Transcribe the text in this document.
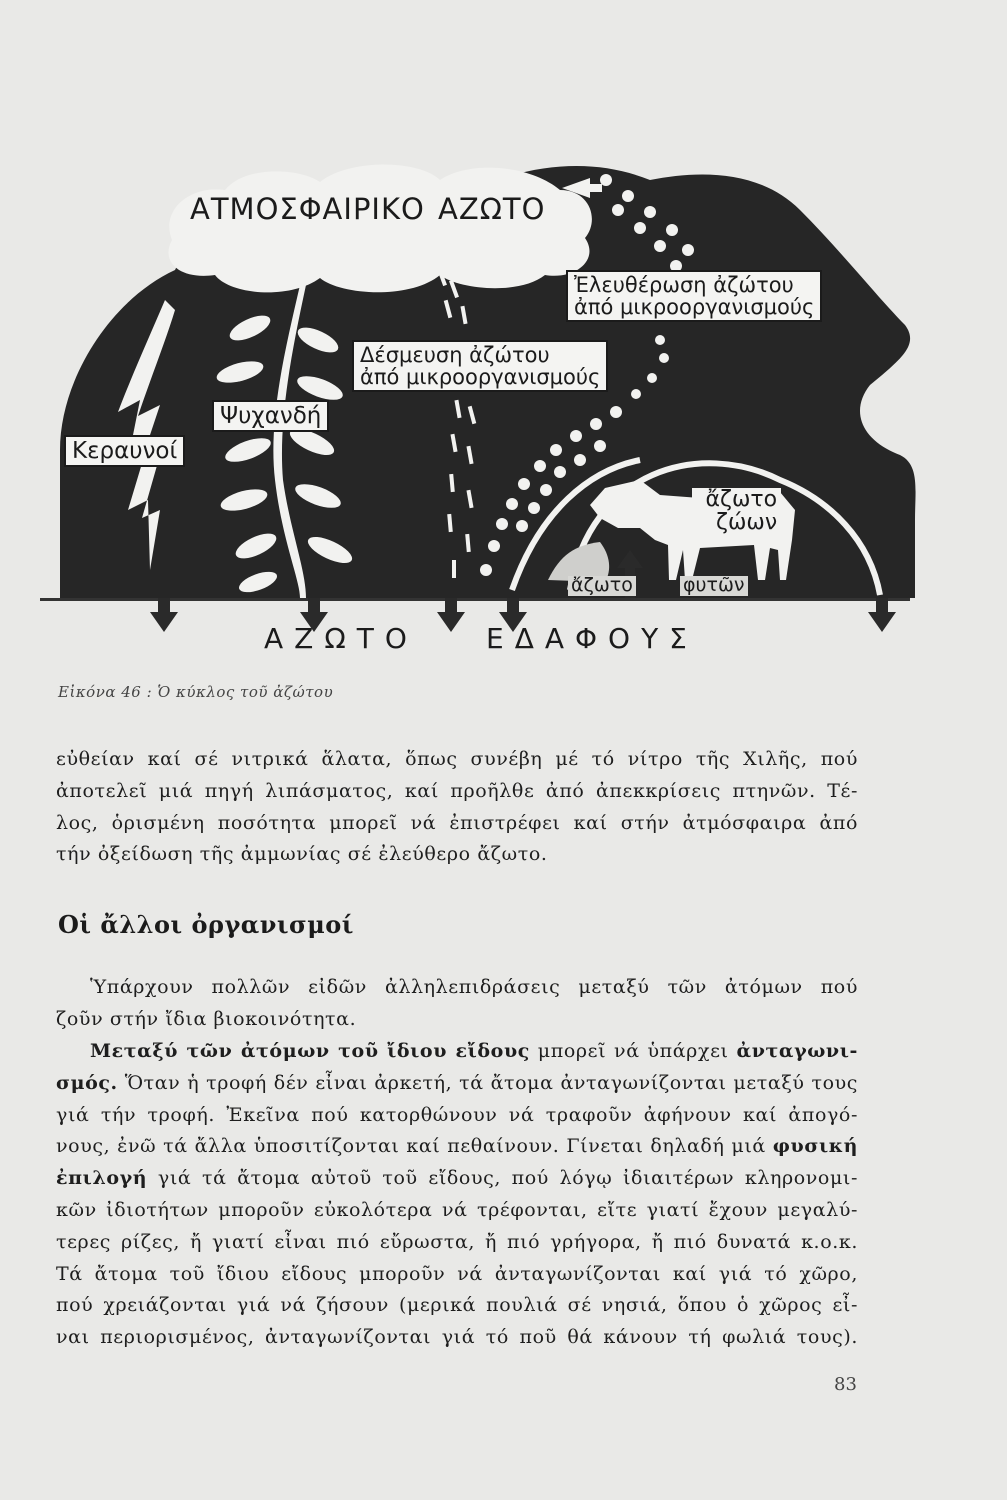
ΑΤΜΟΣΦΑΙΡΙΚΟ ΑΖΩΤΟ
Κεραυνοί
Ψυχανδή
Δέσμευση ἀζώτου
ἀπό μικροοργανισμούς
Ἐλευθέρωση ἀζώτου
ἀπό μικροοργανισμούς
ἄζωτο
ζώων
ἄζωτο	φυτῶν
ΑΖΩΤΟ ΕΔΑΦΟΥΣ
Εἰκόνα 46 : Ὁ κύκλος τοῦ ἀζώτου
εὐθείαν καί σέ νιτρικά ἅλατα, ὅπως συνέβη μέ τό νίτρο τῆς Χιλῆς, πού
ἀποτελεῖ μιά πηγή λιπάσματος, καί προῆλθε ἀπό ἀπεκκρίσεις πτηνῶν. Τέ-
λος, ὁρισμένη ποσότητα μπορεῖ νά ἐπιστρέφει καί στήν ἀτμόσφαιρα ἀπό
τήν ὀξείδωση τῆς ἀμμωνίας σέ ἐλεύθερο ἄζωτο.
Οἱ ἄλλοι ὀργανισμοί
Ὑπάρχουν πολλῶν εἰδῶν ἀλληλεπιδράσεις μεταξύ τῶν ἀτόμων πού
ζοῦν στήν ἴδια βιοκοινότητα.
Μεταξύ τῶν ἀτόμων τοῦ ἴδιου εἴδους μπορεῖ νά ὑπάρχει ἀνταγωνι-
σμός. Ὅταν ἡ τροφή δέν εἶναι ἀρκετή, τά ἄτομα ἀνταγωνίζονται μεταξύ τους
γιά τήν τροφή. Ἐκεῖνα πού κατορθώνουν νά τραφοῦν ἀφήνουν καί ἀπογό-
νους, ἐνῶ τά ἄλλα ὑποσιτίζονται καί πεθαίνουν. Γίνεται δηλαδή μιά φυσική
ἐπιλογή γιά τά ἄτομα αὐτοῦ τοῦ εἴδους, πού λόγῳ ἰδιαιτέρων κληρονομι-
κῶν ἰδιοτήτων μποροῦν εὐκολότερα νά τρέφονται, εἴτε γιατί ἔχουν μεγαλύ-
τερες ρίζες, ἤ γιατί εἶναι πιό εὔρωστα, ἤ πιό γρήγορα, ἤ πιό δυνατά κ.ο.κ.
Τά ἄτομα τοῦ ἴδιου εἴδους μποροῦν νά ἀνταγωνίζονται καί γιά τό χῶρο,
πού χρειάζονται γιά νά ζήσουν (μερικά πουλιά σέ νησιά, ὅπου ὁ χῶρος εἶ-
ναι περιορισμένος, ἀνταγωνίζονται γιά τό ποῦ θά κάνουν τή φωλιά τους).
83
